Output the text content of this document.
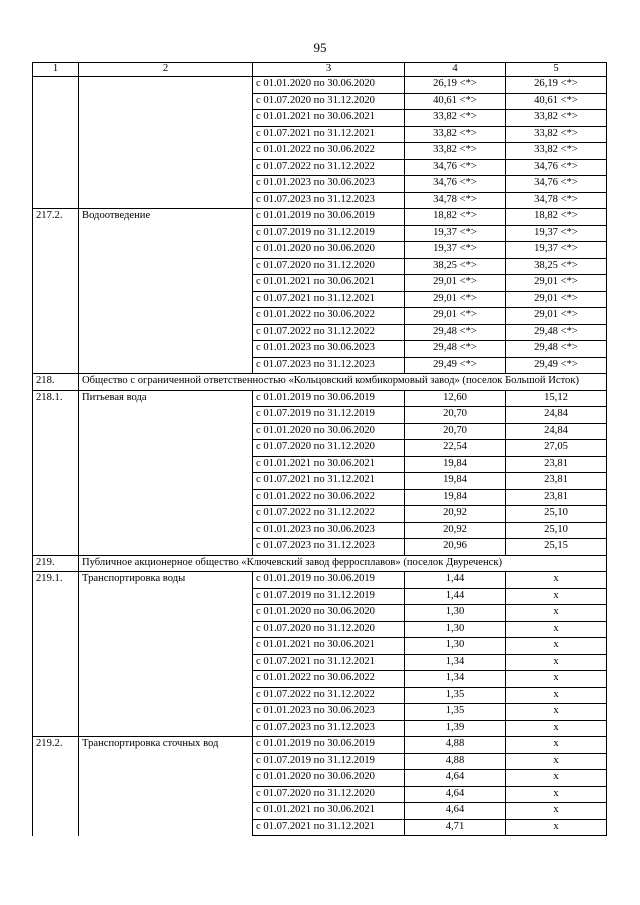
95
1	2	3	4	5
		с 01.01.2020 по 30.06.2020	26,19 <*>	26,19 <*>
		с 01.07.2020 по 31.12.2020	40,61 <*>	40,61 <*>
		с 01.01.2021 по 30.06.2021	33,82 <*>	33,82 <*>
		с 01.07.2021 по 31.12.2021	33,82 <*>	33,82 <*>
		с 01.01.2022 по 30.06.2022	33,82 <*>	33,82 <*>
		с 01.07.2022 по 31.12.2022	34,76 <*>	34,76 <*>
		с 01.01.2023 по 30.06.2023	34,76 <*>	34,76 <*>
		с 01.07.2023 по 31.12.2023	34,78 <*>	34,78 <*>
217.2.	Водоотведение	с 01.01.2019 по 30.06.2019	18,82 <*>	18,82 <*>
		с 01.07.2019 по 31.12.2019	19,37 <*>	19,37 <*>
		с 01.01.2020 по 30.06.2020	19,37 <*>	19,37 <*>
		с 01.07.2020 по 31.12.2020	38,25 <*>	38,25 <*>
		с 01.01.2021 по 30.06.2021	29,01 <*>	29,01 <*>
		с 01.07.2021 по 31.12.2021	29,01 <*>	29,01 <*>
		с 01.01.2022 по 30.06.2022	29,01 <*>	29,01 <*>
		с 01.07.2022 по 31.12.2022	29,48 <*>	29,48 <*>
		с 01.01.2023 по 30.06.2023	29,48 <*>	29,48 <*>
		с 01.07.2023 по 31.12.2023	29,49 <*>	29,49 <*>
218.	Общество с ограниченной ответственностью «Кольцовский комбикормовый завод» (поселок Большой Исток)			
218.1.	Питьевая вода	с 01.01.2019 по 30.06.2019	12,60	15,12
		с 01.07.2019 по 31.12.2019	20,70	24,84
		с 01.01.2020 по 30.06.2020	20,70	24,84
		с 01.07.2020 по 31.12.2020	22,54	27,05
		с 01.01.2021 по 30.06.2021	19,84	23,81
		с 01.07.2021 по 31.12.2021	19,84	23,81
		с 01.01.2022 по 30.06.2022	19,84	23,81
		с 01.07.2022 по 31.12.2022	20,92	25,10
		с 01.01.2023 по 30.06.2023	20,92	25,10
		с 01.07.2023 по 31.12.2023	20,96	25,15
219.	Публичное акционерное общество «Ключевский завод ферросплавов» (поселок Двуреченск)			
219.1.	Транспортировка воды	с 01.01.2019 по 30.06.2019	1,44	x
		с 01.07.2019 по 31.12.2019	1,44	x
		с 01.01.2020 по 30.06.2020	1,30	x
		с 01.07.2020 по 31.12.2020	1,30	x
		с 01.01.2021 по 30.06.2021	1,30	x
		с 01.07.2021 по 31.12.2021	1,34	x
		с 01.01.2022 по 30.06.2022	1,34	x
		с 01.07.2022 по 31.12.2022	1,35	x
		с 01.01.2023 по 30.06.2023	1,35	x
		с 01.07.2023 по 31.12.2023	1,39	x
219.2.	Транспортировка сточных вод	с 01.01.2019 по 30.06.2019	4,88	x
		с 01.07.2019 по 31.12.2019	4,88	x
		с 01.01.2020 по 30.06.2020	4,64	x
		с 01.07.2020 по 31.12.2020	4,64	x
		с 01.01.2021 по 30.06.2021	4,64	x
		с 01.07.2021 по 31.12.2021	4,71	x
